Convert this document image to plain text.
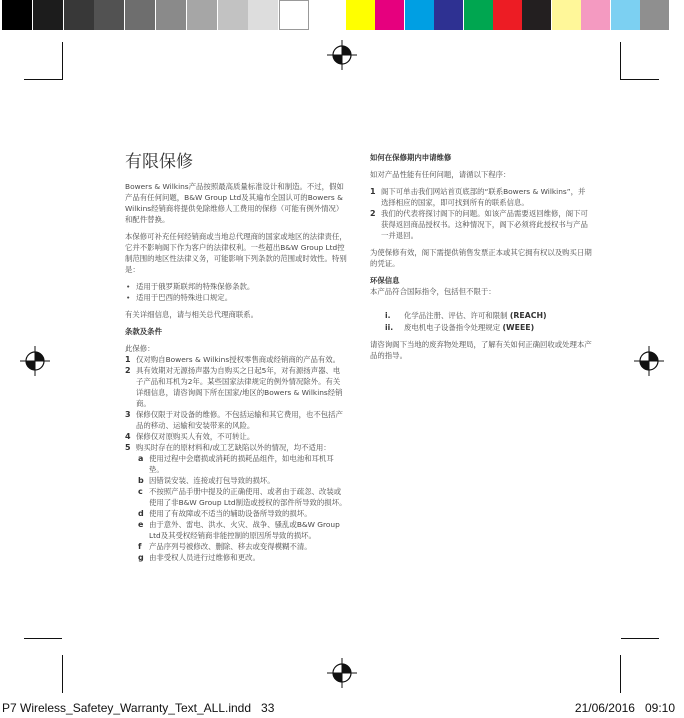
有限保修

Bowers & Wilkins产品按照最高质量标准设计和制造。不过，假如产品有任何问题，B&W Group Ltd及其遍布全国认可的Bowers & Wilkins经销商将提供免除维修人工费用的保修（可能有例外情况）和配件替换。

本保修可补充任何经销商或当地总代理商的国家或地区的法律责任，它并不影响阁下作为客户的法律权利。一些超出B&W Group Ltd控制范围的地区性法律义务，可能影响下列条款的范围或时效性。特别是：

• 适用于俄罗斯联邦的特殊保修条款。
• 适用于巴西的特殊进口规定。

有关详细信息，请与相关总代理商联系。

条款及条件

此保修：
1 仅对购自Bowers & Wilkins授权零售商或经销商的产品有效。
2 具有效期对无源扬声器为自购买之日起5年，对有源扬声器、电子产品和耳机为2年。某些国家法律规定的例外情况除外。有关详细信息，请咨询阁下所在国家/地区的Bowers & Wilkins经销商。
3 保修仅限于对设备的维修。不包括运输和其它费用，也不包括产品的移动、运输和安装带来的风险。
4 保修仅对原购买人有效，不可转让。
5 购买时存在的原材料和/或工艺缺陷以外的情况，均不适用：
a 使用过程中会磨损或消耗的损耗品组件，如电池和耳机耳垫。
b 因错误安装、连接或打包导致的损坏。
c 不按照产品手册中提及的正确使用、或者由于疏忽、改装或使用了非B&W Group Ltd制造或授权的部件所导致的损坏。
d 使用了有故障或不适当的辅助设备所导致的损坏。
e 由于意外、雷电、洪水、火灾、战争、骚乱或B&W Group Ltd及其受权经销商非能控制的原因所导致的损坏。
f 产品序列号被修改、删除、移去或变得模糊不清。
g 由非受权人员进行过维修和更改。

如何在保修期内申请维修

如对产品性能有任何问题，请循以下程序：

1 阁下可单击我们网站首页底部的“联系Bowers & Wilkins”，并选择相应的国家，即可找到所有的联系信息。
2 我们的代表将探讨阁下的问题。如该产品需要返回维修，阁下可获得返回商品授权书。这种情况下，阁下必须将此授权书与产品一并退回。

为使保修有效，阁下需提供销售发票正本或其它拥有权以及购买日期的凭证。

环保信息

本产品符合国际指令，包括但不限于：
i. 化学品注册、评估、许可和限制 (REACH)
ii. 废电机电子设备指令处理规定 (WEEE)

请咨询阁下当地的废弃物处理局，了解有关如何正确回收或处理本产品的指导。

P7 Wireless_Safetey_Warranty_Text_ALL.indd   33	21/06/2016   09:10
